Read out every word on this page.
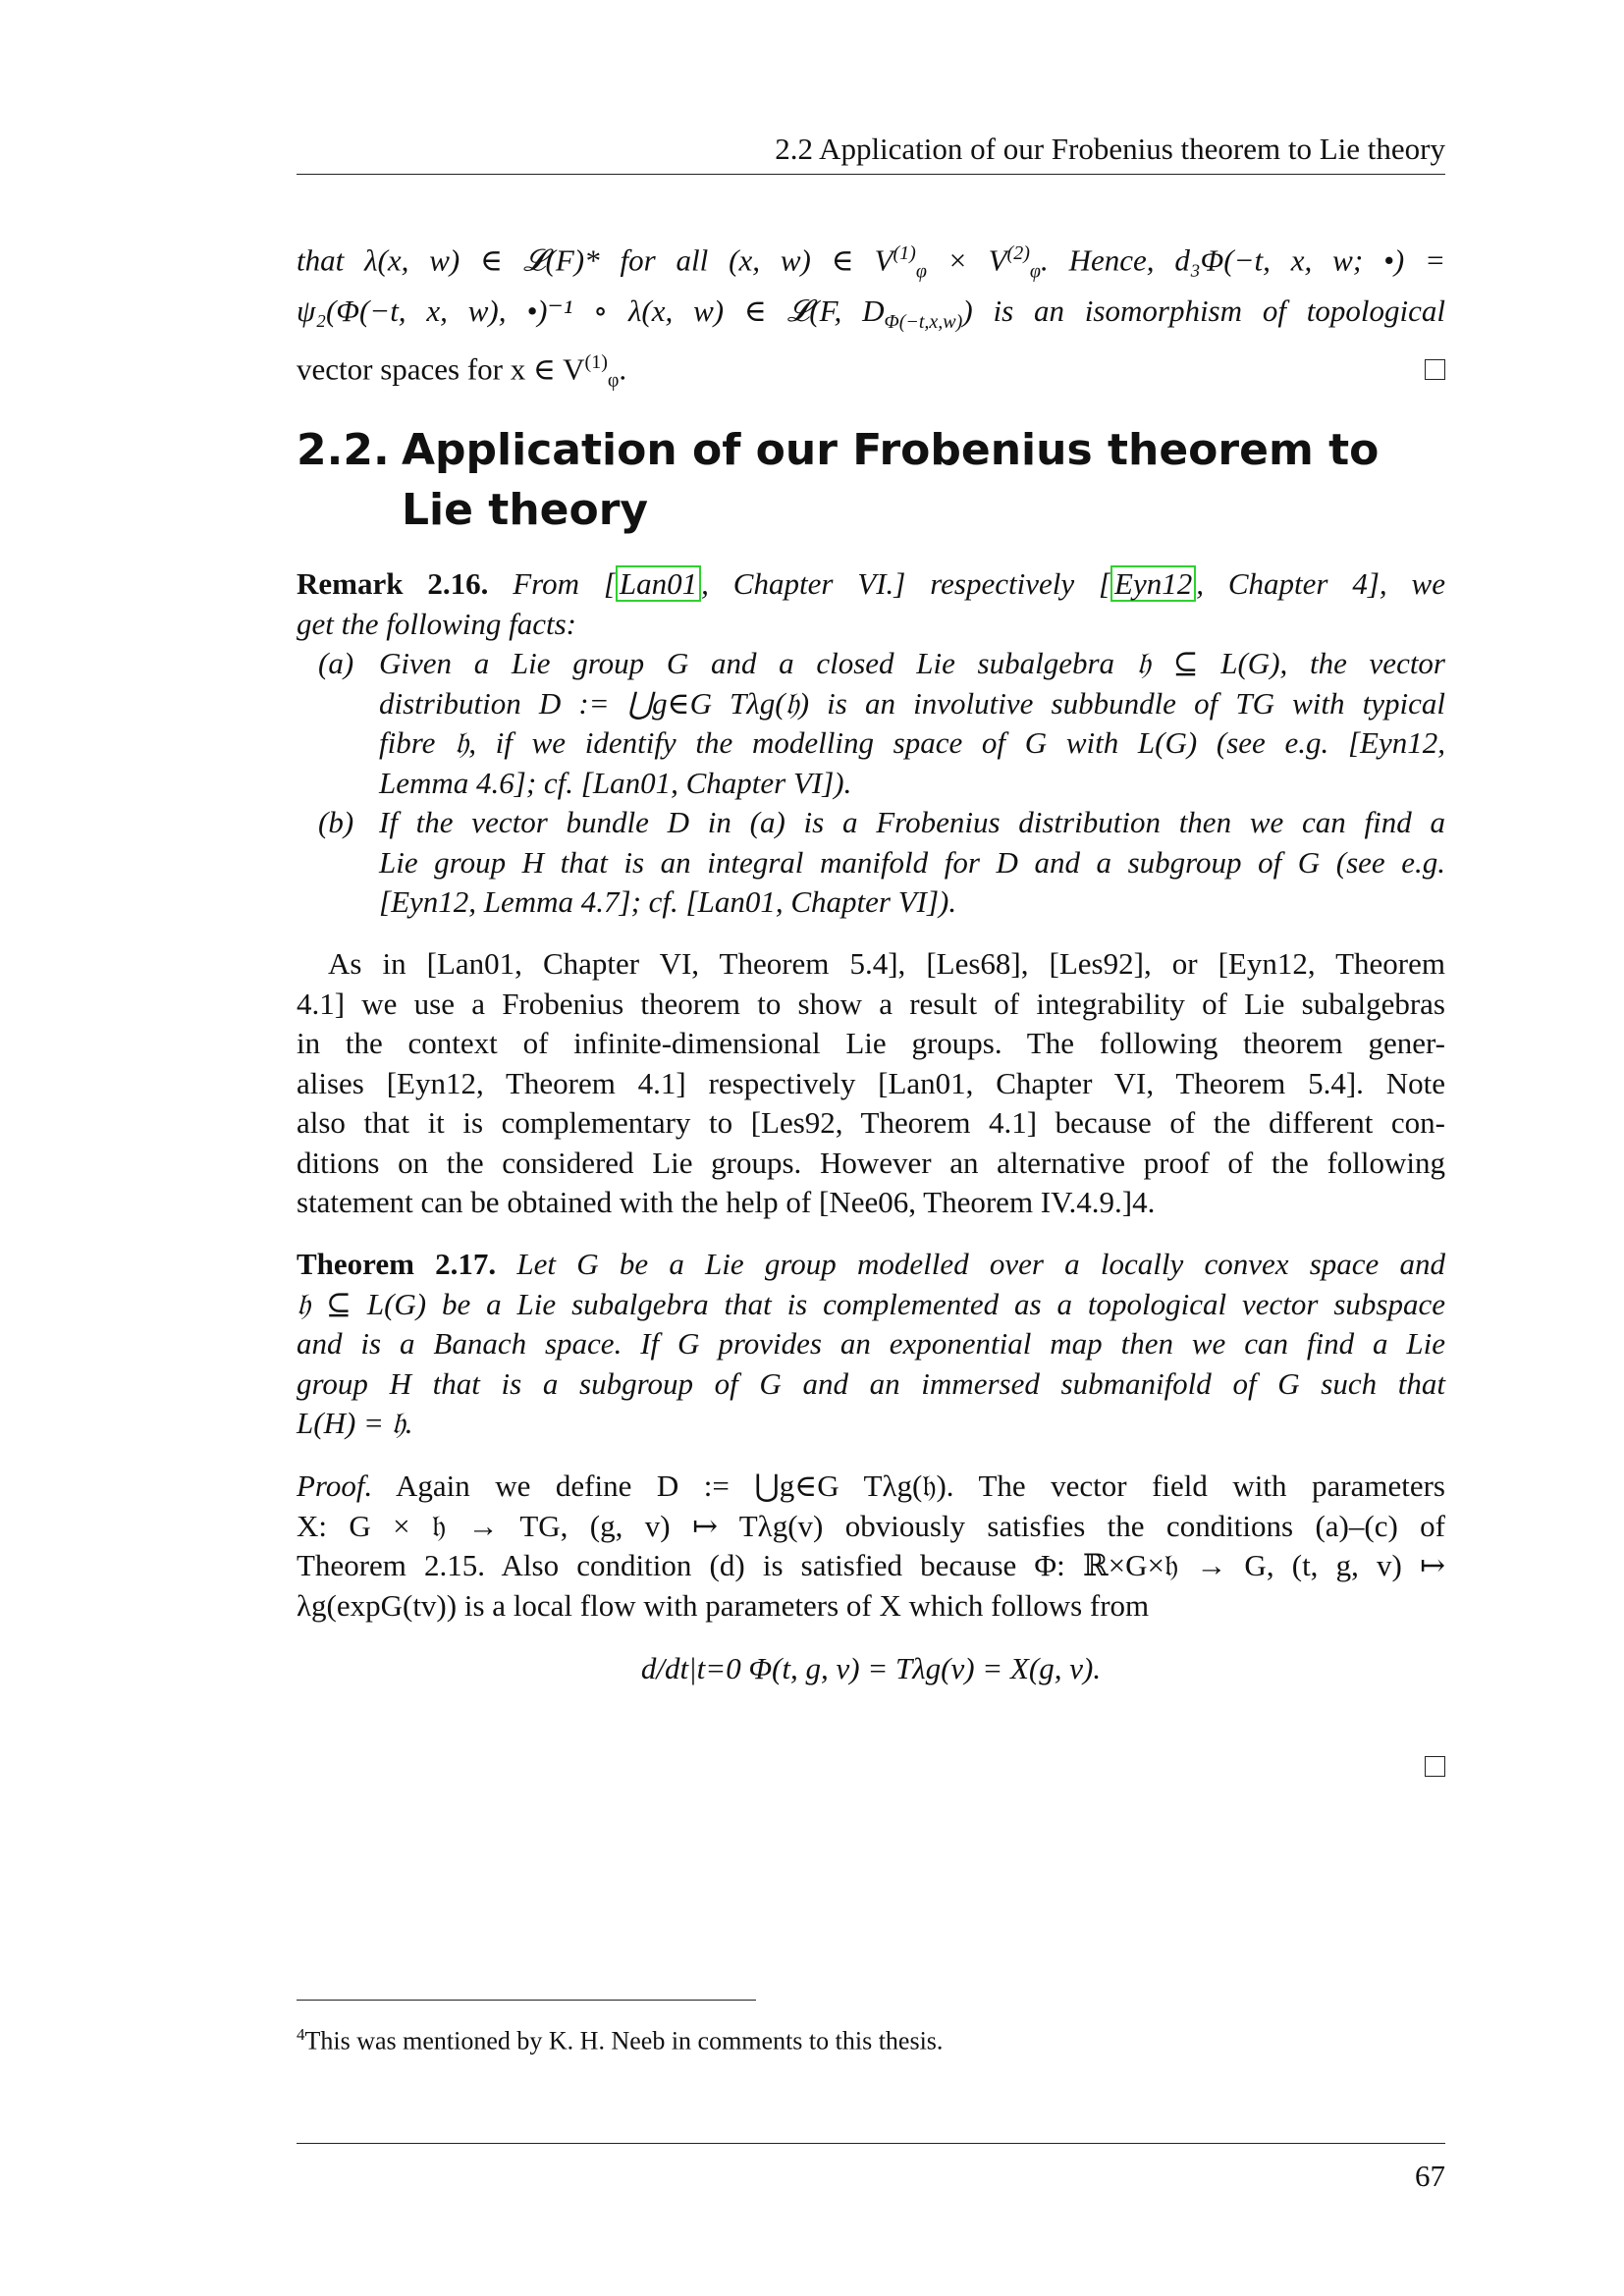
2.2 Application of our Frobenius theorem to Lie theory
that λ(x, w) ∈ 𝓛(F)* for all (x, w) ∈ $V^{(1)}_\varphi \times V^{(2)}_\varphi$. Hence, d₃Φ(−t, x, w; •) =
ψ₂(Φ(−t, x, w), •)⁻¹ ∘ λ(x, w) ∈ 𝓛(F, $D_{\Phi(-t,x,w)}$) is an isomorphism of topological
vector spaces for x ∈ $V^{(1)}_\varphi$.
2.2. Application of our Frobenius theorem to Lie theory
Remark 2.16. From [ Lan01 , Chapter VI.] respectively [ Eyn12 , Chapter 4], we
get the following facts:
(a) Given a Lie group G and a closed Lie subalgebra 𝔥 ⊆ L(G), the vector
distribution D := ⋃g∈G Tλg(𝔥) is an involutive subbundle of TG with typical
fibre 𝔥, if we identify the modelling space of G with L(G) (see e.g. [Eyn12,
Lemma 4.6]; cf. [Lan01, Chapter VI]).
(b) If the vector bundle D in (a) is a Frobenius distribution then we can find a
Lie group H that is an integral manifold for D and a subgroup of G (see e.g.
[Eyn12, Lemma 4.7]; cf. [Lan01, Chapter VI]).
As in [Lan01, Chapter VI, Theorem 5.4], [Les68], [Les92], or [Eyn12, Theorem
4.1] we use a Frobenius theorem to show a result of integrability of Lie subalgebras
in the context of infinite-dimensional Lie groups. The following theorem gener-
alises [Eyn12, Theorem 4.1] respectively [Lan01, Chapter VI, Theorem 5.4]. Note
also that it is complementary to [Les92, Theorem 4.1] because of the different con-
ditions on the considered Lie groups. However an alternative proof of the following
statement can be obtained with the help of [Nee06, Theorem IV.4.9.]4.
Theorem 2.17. Let G be a Lie group modelled over a locally convex space and
𝔥 ⊆ L(G) be a Lie subalgebra that is complemented as a topological vector subspace
and is a Banach space. If G provides an exponential map then we can find a Lie
group H that is a subgroup of G and an immersed submanifold of G such that
L(H) = 𝔥.
Proof. Again we define D := ⋃g∈G Tλg(𝔥). The vector field with parameters
X: G × 𝔥 → TG, (g, v) ↦ Tλg(v) obviously satisfies the conditions (a)–(c) of
Theorem 2.15. Also condition (d) is satisfied because Φ: ℝ×G×𝔥 → G, (t, g, v) ↦
λg(expG(tv)) is a local flow with parameters of X which follows from
d/dt|t=0 Φ(t, g, v) = Tλg(v) = X(g, v).
$^4$This was mentioned by K. H. Neeb in comments to this thesis.
67
